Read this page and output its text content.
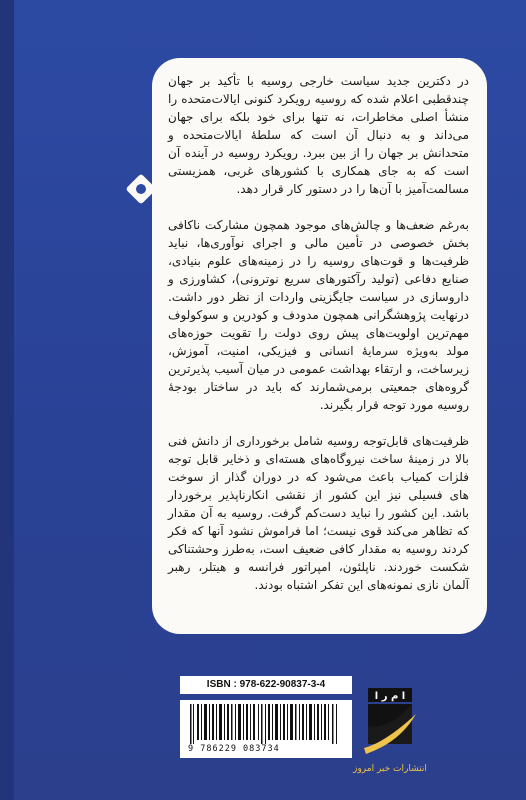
در دکترین جدید سیاست خارجی روسیه با تأکید بر جهان چندقطبی اعلام شده که روسیه رویکرد کنونی ایالات‌متحده را منشأ اصلی مخاطرات، نه تنها برای خود بلکه برای جهان می‌داند و به دنبال آن است که سلطهٔ ایالات‌متحده و متحدانش بر جهان را از بین ببرد. رویکرد روسیه در آینده آن است که به جای همکاری با کشورهای غربی، همزیستی مسالمت‌آمیز با آن‌ها را در دستور کار قرار دهد.

به‌رغم ضعف‌ها و چالش‌های موجود همچون مشارکت ناکافی بخش خصوصی در تأمین مالی و اجرای نوآوری‌ها، نباید ظرفیت‌ها و قوت‌های روسیه را در زمینه‌های علوم بنیادی، صنایع دفاعی (تولید رآکتورهای سریع نوترونی)، کشاورزی و داروسازی در سیاست جایگزینی واردات از نظر دور داشت. درنهایت پژوهشگرانی همچون مدودف و کودرین و سوکولوف مهم‌ترین اولویت‌های پیش روی دولت را تقویت حوزه‌های مولد به‌ویژه سرمایهٔ انسانی و فیزیکی، امنیت، آموزش، زیرساخت، و ارتقاء بهداشت عمومی در میان آسیب پذیرترین گروه‌های جمعیتی برمی‌شمارند که باید در ساختار بودجهٔ روسیه مورد توجه قرار بگیرند.

ظرفیت‌های قابل‌توجه روسیه شامل برخورداری از دانش فنی بالا در زمینهٔ ساخت نیروگاه‌های هسته‌ای و ذخایر قابل توجه فلزات کمیاب باعث می‌شود که در دوران گذار از سوخت های فسیلی نیز این کشور از نقشی انکارناپذیر برخوردار باشد. این کشور را نباید دست‌کم گرفت. روسیه به آن مقدار که تظاهر می‌کند قوی نیست؛ اما فراموش نشود آنها که فکر کردند روسیه به مقدار کافی ضعیف است، به‌طرز وحشتناکی شکست خوردند. ناپلئون، امپراتور فرانسه و هیتلر، رهبر آلمان نازی نمونه‌های این تفکر اشتباه بودند.

ISBN : 978-622-90837-3-4
9 786229 083734
ا م ر ا
انتشارات خبر امروز
